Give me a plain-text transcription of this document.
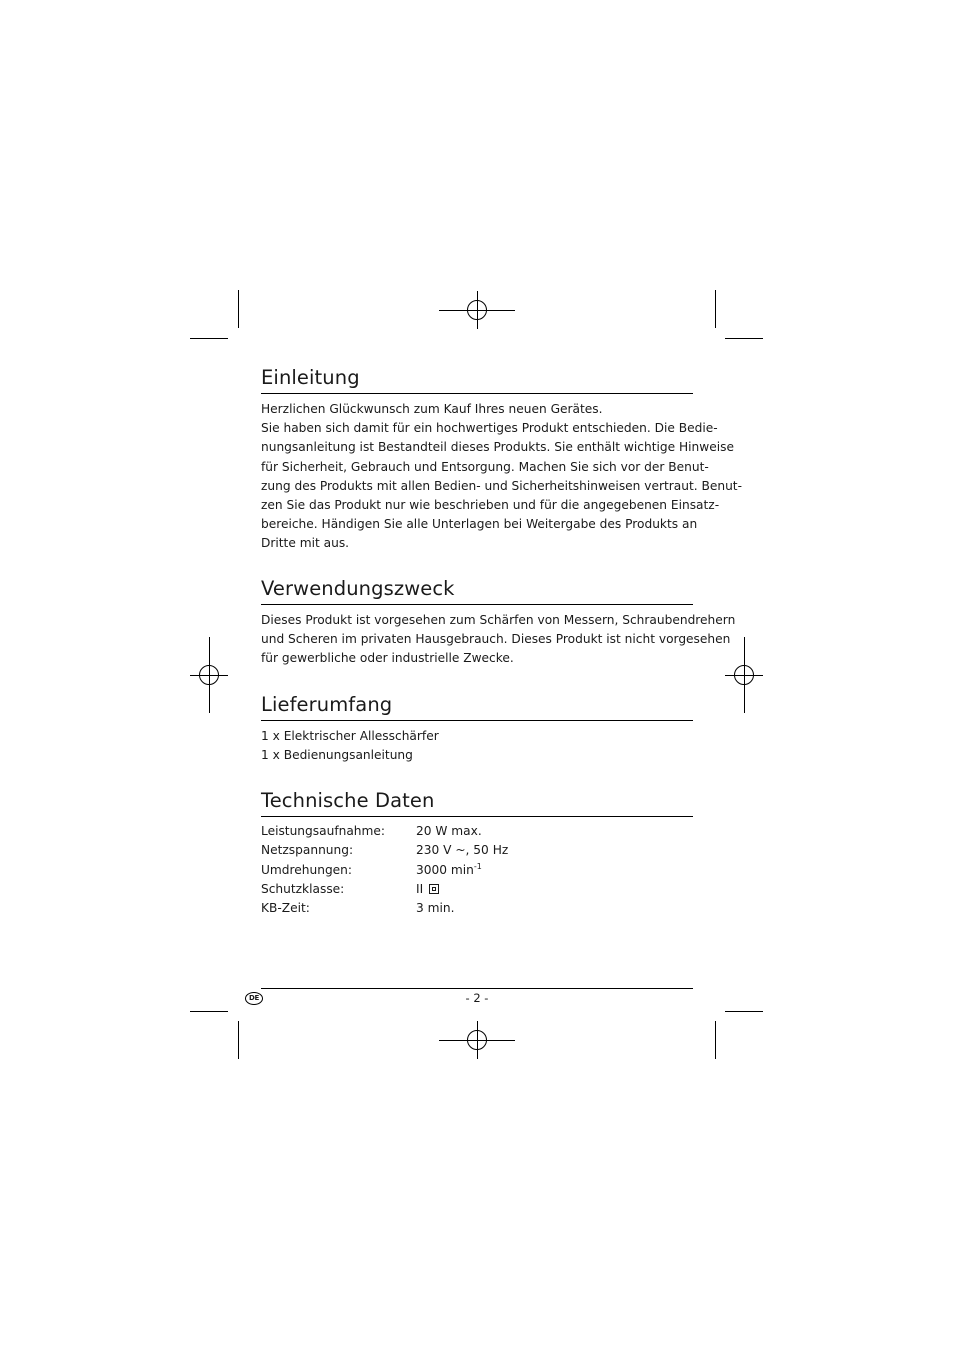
Einleitung
Herzlichen Glückwunsch zum Kauf Ihres neuen Gerätes.
Sie haben sich damit für ein hochwertiges Produkt entschieden. Die Bedie-
nungsanleitung ist Bestandteil dieses Produkts. Sie enthält wichtige Hinweise
für Sicherheit, Gebrauch und Entsorgung. Machen Sie sich vor der Benut-
zung des Produkts mit allen Bedien- und Sicherheitshinweisen vertraut. Benut-
zen Sie das Produkt nur wie beschrieben und für die angegebenen Einsatz-
bereiche. Händigen Sie alle Unterlagen bei Weitergabe des Produkts an
Dritte mit aus.
Verwendungszweck
Dieses Produkt ist vorgesehen zum Schärfen von Messern, Schraubendrehern
und Scheren im privaten Hausgebrauch. Dieses Produkt ist nicht vorgesehen
für gewerbliche oder industrielle Zwecke.
Lieferumfang
1 x Elektrischer Allesschärfer
1 x Bedienungsanleitung
Technische Daten
Leistungsaufnahme:	20 W max.
Netzspannung:	230 V ~, 50 Hz
Umdrehungen:	3000 $\min^{-1}$
Schutzklasse:	II
KB-Zeit:	3 min.
DE	- 2 -
